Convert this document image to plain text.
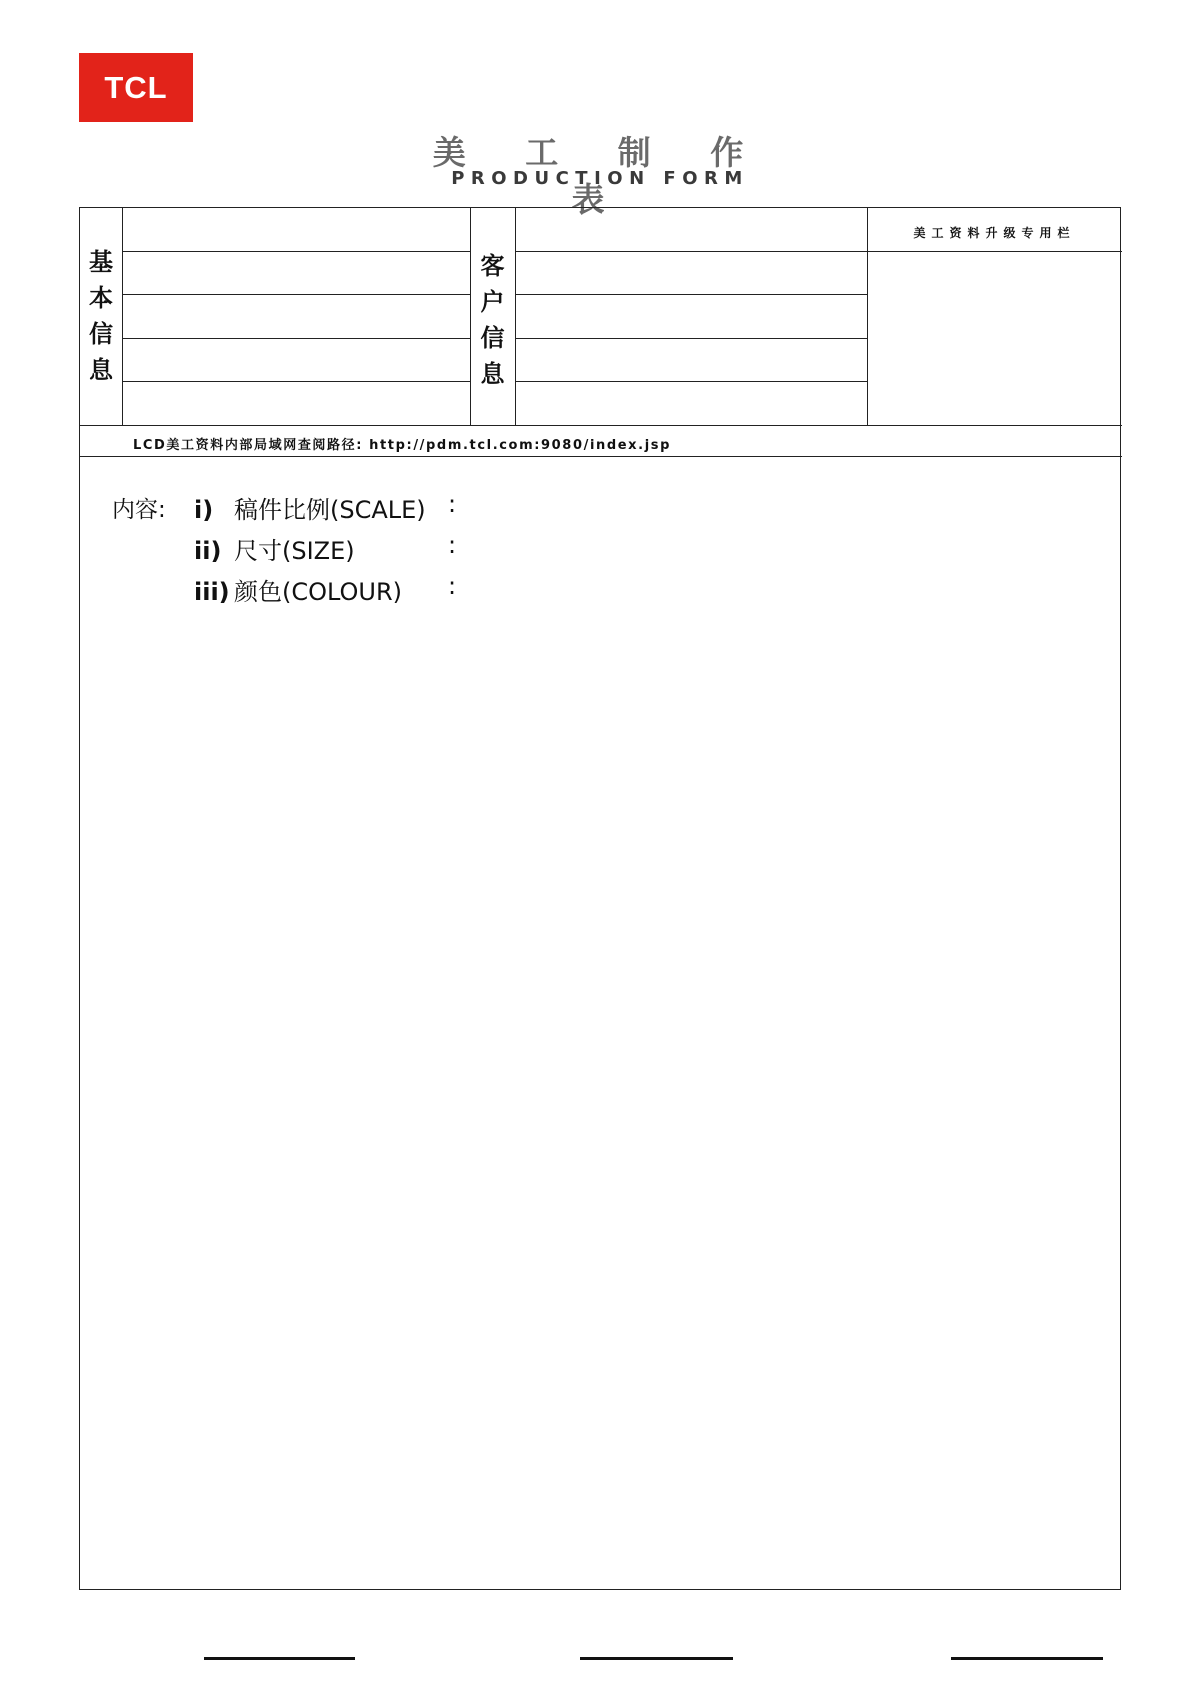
TCL
美 工 制 作 表
PRODUCTION FORM
基
本
信
息
客
户
信
息
美工资料升级专用栏
LCD美工资料内部局域网查阅路径: http://pdm.tcl.com:9080/index.jsp
内容: i) 稿件比例(SCALE) :
ii) 尺寸(SIZE)	:
iii) 颜色(COLOUR) :
